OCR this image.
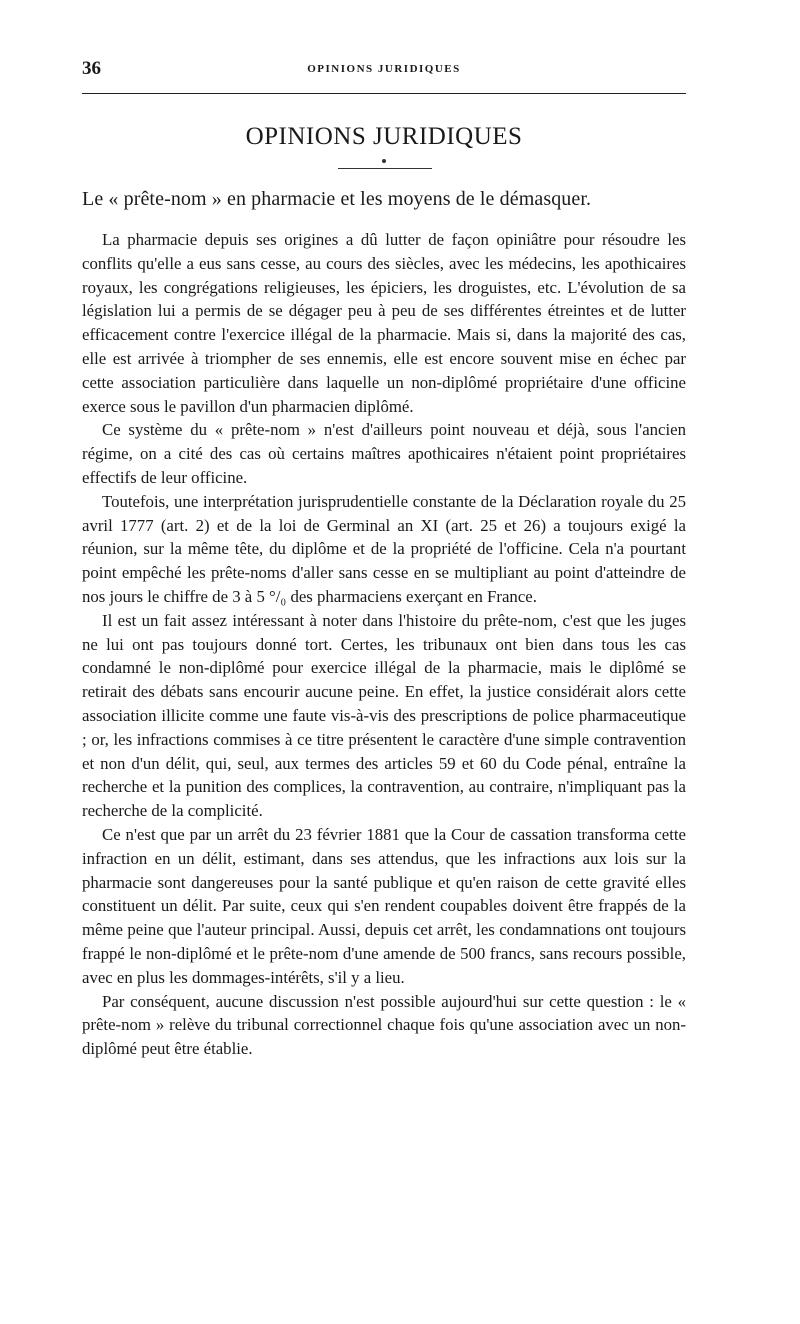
36	OPINIONS JURIDIQUES
OPINIONS JURIDIQUES
Le « prête-nom » en pharmacie et les moyens de le démasquer.

La pharmacie depuis ses origines a dû lutter de façon opiniâtre pour résoudre les conflits qu'elle a eus sans cesse, au cours des siècles, avec les médecins, les apothicaires royaux, les congrégations religieuses, les épiciers, les droguistes, etc. L'évolution de sa législation lui a permis de se dégager peu à peu de ses différentes étreintes et de lutter efficacement contre l'exercice illégal de la pharmacie. Mais si, dans la majorité des cas, elle est arrivée à triompher de ses ennemis, elle est encore souvent mise en échec par cette association particulière dans laquelle un non-diplômé propriétaire d'une officine exerce sous le pavillon d'un pharmacien diplômé.

Ce système du « prête-nom » n'est d'ailleurs point nouveau et déjà, sous l'ancien régime, on a cité des cas où certains maîtres apothicaires n'étaient point propriétaires effectifs de leur officine.

Toutefois, une interprétation jurisprudentielle constante de la Déclaration royale du 25 avril 1777 (art. 2) et de la loi de Germinal an XI (art. 25 et 26) a toujours exigé la réunion, sur la même tête, du diplôme et de la propriété de l'officine. Cela n'a pourtant point empêché les prête-noms d'aller sans cesse en se multipliant au point d'atteindre de nos jours le chiffre de 3 à 5 °/₀ des pharmaciens exerçant en France.

Il est un fait assez intéressant à noter dans l'histoire du prête-nom, c'est que les juges ne lui ont pas toujours donné tort. Certes, les tribunaux ont bien dans tous les cas condamné le non-diplômé pour exercice illégal de la pharmacie, mais le diplômé se retirait des débats sans encourir aucune peine. En effet, la justice considérait alors cette association illicite comme une faute vis-à-vis des prescriptions de police pharmaceutique ; or, les infractions commises à ce titre présentent le caractère d'une simple contravention et non d'un délit, qui, seul, aux termes des articles 59 et 60 du Code pénal, entraîne la recherche et la punition des complices, la contravention, au contraire, n'impliquant pas la recherche de la complicité.

Ce n'est que par un arrêt du 23 février 1881 que la Cour de cassation transforma cette infraction en un délit, estimant, dans ses attendus, que les infractions aux lois sur la pharmacie sont dangereuses pour la santé publique et qu'en raison de cette gravité elles constituent un délit. Par suite, ceux qui s'en rendent coupables doivent être frappés de la même peine que l'auteur principal. Aussi, depuis cet arrêt, les condamnations ont toujours frappé le non-diplômé et le prête-nom d'une amende de 500 francs, sans recours possible, avec en plus les dommages-intérêts, s'il y a lieu.

Par conséquent, aucune discussion n'est possible aujourd'hui sur cette question : le « prête-nom » relève du tribunal correctionnel chaque fois qu'une association avec un non-diplômé peut être établie.
